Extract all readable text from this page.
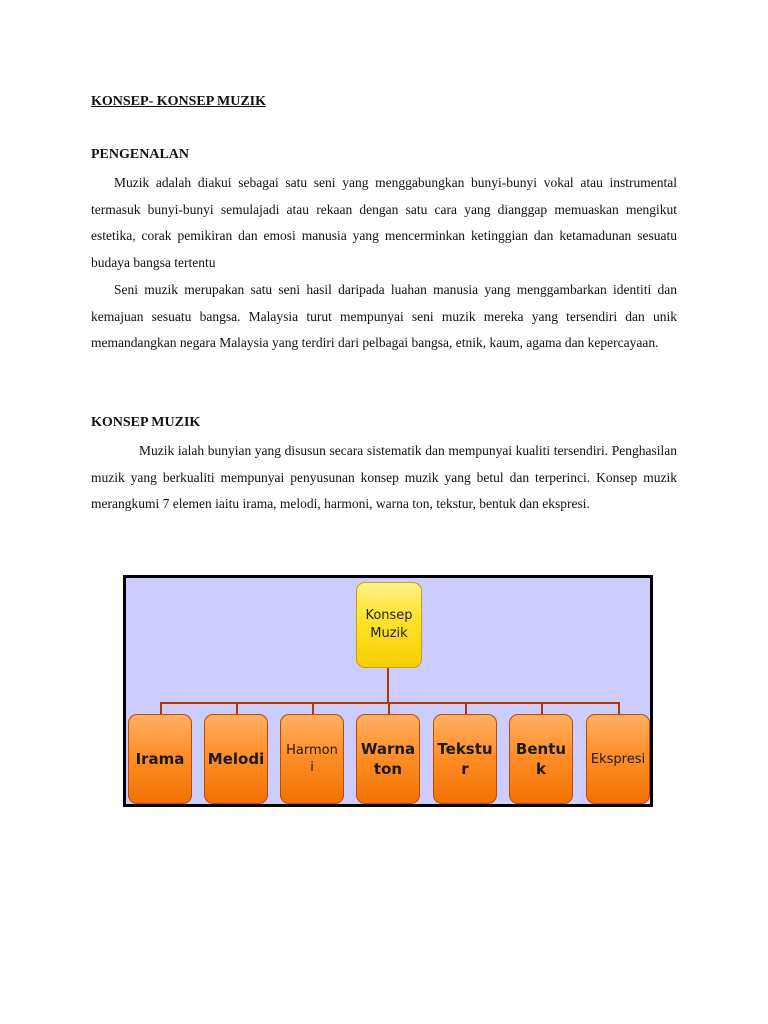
KONSEP- KONSEP MUZIK
PENGENALAN

Muzik adalah diakui sebagai satu seni yang menggabungkan bunyi-bunyi vokal atau instrumental termasuk bunyi-bunyi semulajadi atau rekaan dengan satu cara yang dianggap memuaskan mengikut estetika, corak pemikiran dan emosi manusia yang mencerminkan ketinggian dan ketamadunan sesuatu budaya bangsa tertentu

Seni muzik merupakan satu seni hasil daripada luahan manusia yang menggambarkan identiti dan kemajuan sesuatu bangsa. Malaysia turut mempunyai seni muzik mereka yang tersendiri dan unik memandangkan negara Malaysia yang terdiri dari pelbagai bangsa, etnik, kaum, agama dan kepercayaan.

KONSEP MUZIK

Muzik ialah bunyian yang disusun secara sistematik dan mempunyai kualiti tersendiri. Penghasilan muzik yang berkualiti mempunyai penyusunan konsep muzik yang betul dan terperinci. Konsep muzik merangkumi 7 elemen iaitu irama, melodi, harmoni, warna ton, tekstur, bentuk dan ekspresi.

Konsep
Muzik
Irama Melodi Harmon
i
Warna
ton
Tekstu
r
Bentu
k
Ekspresi
